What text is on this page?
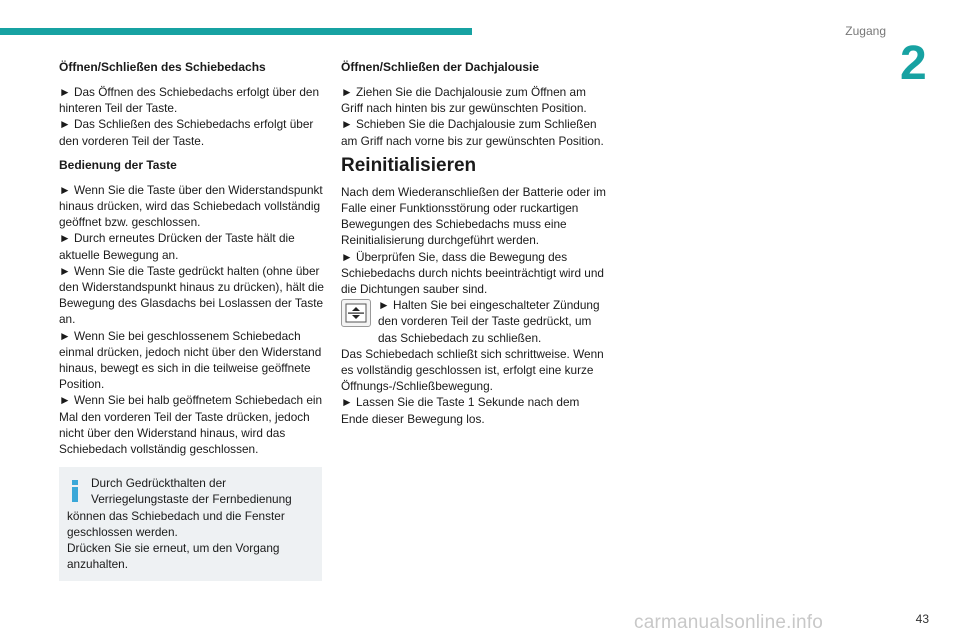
Zugang
2
Öffnen/Schließen des Schiebedachs

► Das Öffnen des Schiebedachs erfolgt über den hinteren Teil der Taste.

► Das Schließen des Schiebedachs erfolgt über den vorderen Teil der Taste.

Bedienung der Taste

► Wenn Sie die Taste über den Widerstandspunkt hinaus drücken, wird das Schiebedach vollständig geöffnet bzw. geschlossen.

► Durch erneutes Drücken der Taste hält die aktuelle Bewegung an.

► Wenn Sie die Taste gedrückt halten (ohne über den Widerstandspunkt hinaus zu drücken), hält die Bewegung des Glasdachs bei Loslassen der Taste an.

► Wenn Sie bei geschlossenem Schiebedach einmal drücken, jedoch nicht über den Widerstand hinaus, bewegt es sich in die teilweise geöffnete Position.

► Wenn Sie bei halb geöffnetem Schiebedach ein Mal den vorderen Teil der Taste drücken, jedoch nicht über den Widerstand hinaus, wird das Schiebedach vollständig geschlossen.

Durch Gedrückthalten der Verriegelungstaste der Fernbedienung

können das Schiebedach und die Fenster geschlossen werden.

Drücken Sie sie erneut, um den Vorgang anzuhalten.

Öffnen/Schließen der Dachjalousie

► Ziehen Sie die Dachjalousie zum Öffnen am Griff nach hinten bis zur gewünschten Position.

► Schieben Sie die Dachjalousie zum Schließen am Griff nach vorne bis zur gewünschten Position.

Reinitialisieren

Nach dem Wiederanschließen der Batterie oder im Falle einer Funktionsstörung oder ruckartigen Bewegungen des Schiebedachs muss eine Reinitialisierung durchgeführt werden.

► Überprüfen Sie, dass die Bewegung des Schiebedachs durch nichts beeinträchtigt wird und die Dichtungen sauber sind.

► Halten Sie bei eingeschalteter Zündung den vorderen Teil der Taste gedrückt, um das Schiebedach zu schließen.

Das Schiebedach schließt sich schrittweise. Wenn es vollständig geschlossen ist, erfolgt eine kurze Öffnungs-/Schließbewegung.

► Lassen Sie die Taste 1 Sekunde nach dem Ende dieser Bewegung los.

43
carmanualsonline.info
